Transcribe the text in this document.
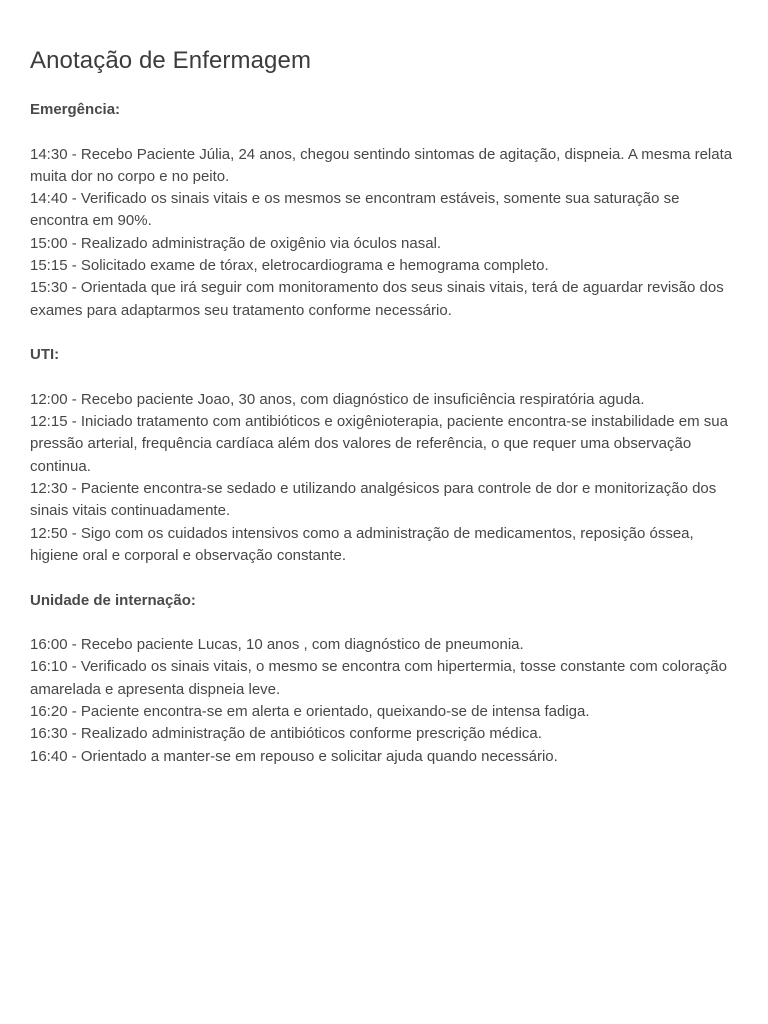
Anotação de Enfermagem
Emergência:
14:30 - Recebo Paciente Júlia, 24 anos, chegou sentindo sintomas de agitação, dispneia. A mesma relata muita dor no corpo e no peito.
14:40 - Verificado os sinais vitais e os mesmos se encontram estáveis, somente sua saturação se encontra em 90%.
15:00 - Realizado administração de oxigênio via óculos nasal.
15:15 - Solicitado exame de tórax, eletrocardiograma e hemograma completo.
15:30 - Orientada que irá seguir com monitoramento dos seus sinais vitais, terá de aguardar revisão dos exames para adaptarmos seu tratamento conforme necessário.
UTI:
12:00 - Recebo paciente Joao, 30 anos, com diagnóstico de insuficiência respiratória aguda.
12:15 - Iniciado tratamento com antibióticos e oxigênioterapia, paciente encontra-se instabilidade em sua pressão arterial, frequência cardíaca além dos valores de referência, o que requer uma observação continua.
12:30 - Paciente encontra-se sedado e utilizando analgésicos para controle de dor e monitorização dos sinais vitais continuadamente.
12:50 - Sigo com os cuidados intensivos como a administração de medicamentos, reposição óssea, higiene oral e corporal e observação constante.
Unidade de internação:
16:00 - Recebo paciente Lucas, 10 anos , com diagnóstico de pneumonia.
16:10 - Verificado os sinais vitais, o mesmo se encontra com hipertermia, tosse constante com coloração amarelada e apresenta dispneia leve.
16:20 - Paciente encontra-se em alerta e orientado, queixando-se de intensa fadiga.
16:30 - Realizado administração de antibióticos conforme prescrição médica.
16:40 - Orientado a manter-se em repouso e solicitar ajuda quando necessário.
